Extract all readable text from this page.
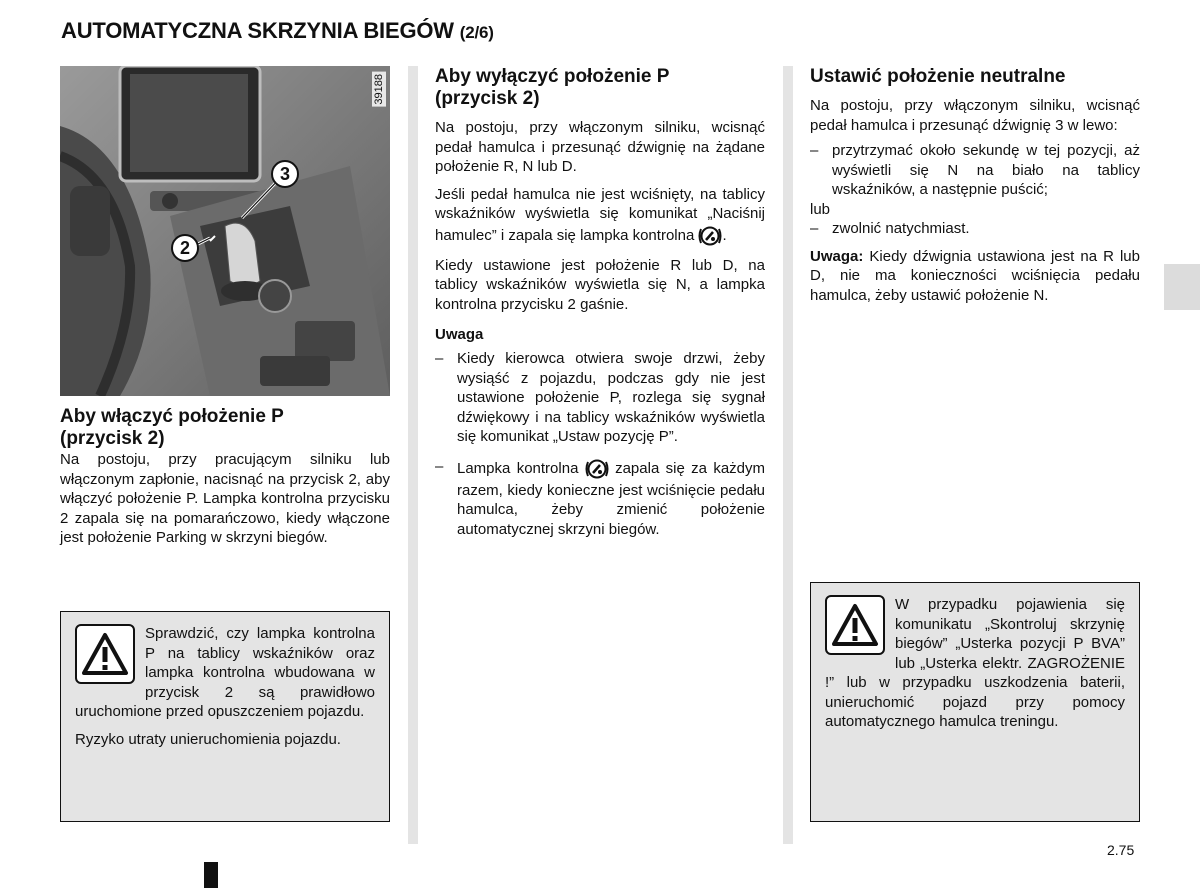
AUTOMATYCZNA SKRZYNIA BIEGÓW (2/6)
39188
3
2
Aby włączyć położenie P
(przycisk 2)

Na postoju, przy pracującym silniku lub włączonym zapłonie, nacisnąć na przycisk 2, aby włączyć położenie P. Lampka kontrolna przycisku 2 zapala się na pomarańczowo, kiedy włączone jest położenie Parking w skrzyni biegów.

Sprawdzić, czy lampka kontrolna P na tablicy wskaźników oraz lampka kontrolna wbudowana w przycisk 2 są prawidłowo uruchomione przed opuszczeniem pojazdu.

Ryzyko utraty unieruchomienia pojazdu.

Aby wyłączyć położenie P
(przycisk 2)

Na postoju, przy włączonym silniku, wcisnąć pedał hamulca i przesunąć dźwignię na żądane położenie R, N lub D.

Jeśli pedał hamulca nie jest wciśnięty, na tablicy wskaźników wyświetla się komunikat „Naciśnij hamulec” i zapala się lampka kontrolna .

Kiedy ustawione jest położenie R lub D, na tablicy wskaźników wyświetla się N, a lampka kontrolna przycisku 2 gaśnie.

Uwaga
– Kiedy kierowca otwiera swoje drzwi, żeby wysiąść z pojazdu, podczas gdy nie jest ustawione położenie P, rozlega się sygnał dźwiękowy i na tablicy wskaźników wyświetla się komunikat „Ustaw pozycję P”.
– Lampka kontrolna zapala się za każdym razem, kiedy konieczne jest wciśnięcie pedału hamulca, żeby zmienić położenie automatycznej skrzyni biegów.
Ustawić położenie neutralne

Na postoju, przy włączonym silniku, wcisnąć pedał hamulca i przesunąć dźwignię 3 w lewo:

– przytrzymać około sekundę w tej pozycji, aż wyświetli się N na biało na tablicy wskaźników, a następnie puścić;

lub

– zwolnić natychmiast.

Uwaga: Kiedy dźwignia ustawiona jest na R lub D, nie ma konieczności wciśnięcia pedału hamulca, żeby ustawić położenie N.

W przypadku pojawienia się komunikatu „Skontroluj skrzynię biegów” „Usterka pozycji P BVA” lub „Usterka elektr. ZAGROŻENIE !” lub w przypadku uszkodzenia baterii, unieruchomić pojazd przy pomocy automatycznego hamulca treningu.

2.75
